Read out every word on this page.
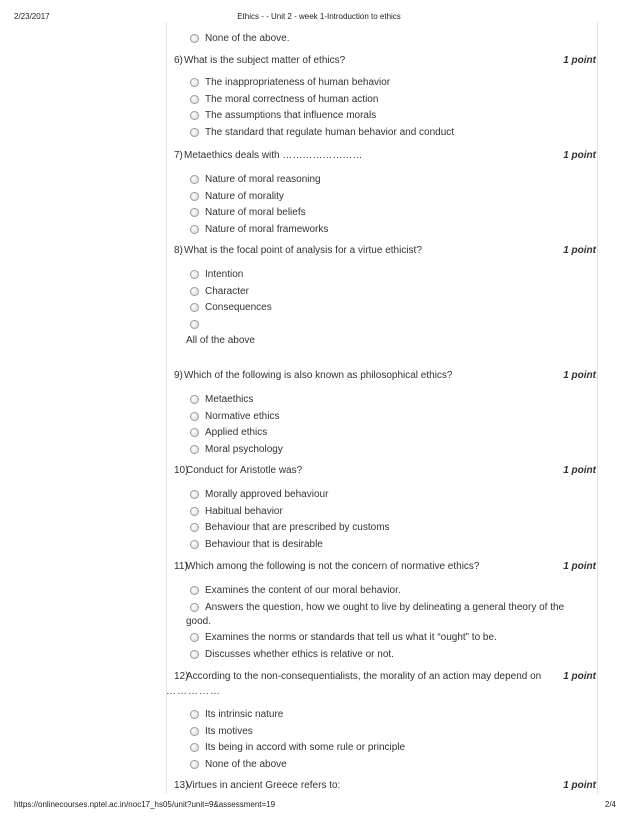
2/23/2017	Ethics - - Unit 2 - week 1-Introduction to ethics
None of the above.
6) What is the subject matter of ethics?	1 point
The inappropriateness of human behavior
The moral correctness of human action
The assumptions that influence morals
The standard that regulate human behavior and conduct
7) Metaethics deals with ……………………	1 point
Nature of moral reasoning
Nature of morality
Nature of moral beliefs
Nature of moral frameworks
8) What is the focal point of analysis for a virtue ethicist?	1 point
Intention
Character
Consequences
All of the above
9) Which of the following is also known as philosophical ethics?	1 point
Metaethics
Normative ethics
Applied ethics
Moral psychology
10)
Conduct for Aristotle was?	1 point
Morally approved behaviour
Habitual behavior
Behaviour that are prescribed by customs
Behaviour that is desirable
11)
Which among the following is not the concern of normative ethics?	1 point
Examines the content of our moral behavior.
Answers the question, how we ought to live by delineating a general theory of the
good.
Examines the norms or standards that tell us what it “ought” to be.
Discusses whether ethics is relative or not.
12)
According to the non-consequentialists, the morality of an action may depend on 1 point
……………
Its intrinsic nature
Its motives
Its being in accord with some rule or principle
None of the above
13)
Virtues in ancient Greece refers to:	1 point
https://onlinecourses.nptel.ac.in/noc17_hs05/unit?unit=9&assessment=19	2/4
